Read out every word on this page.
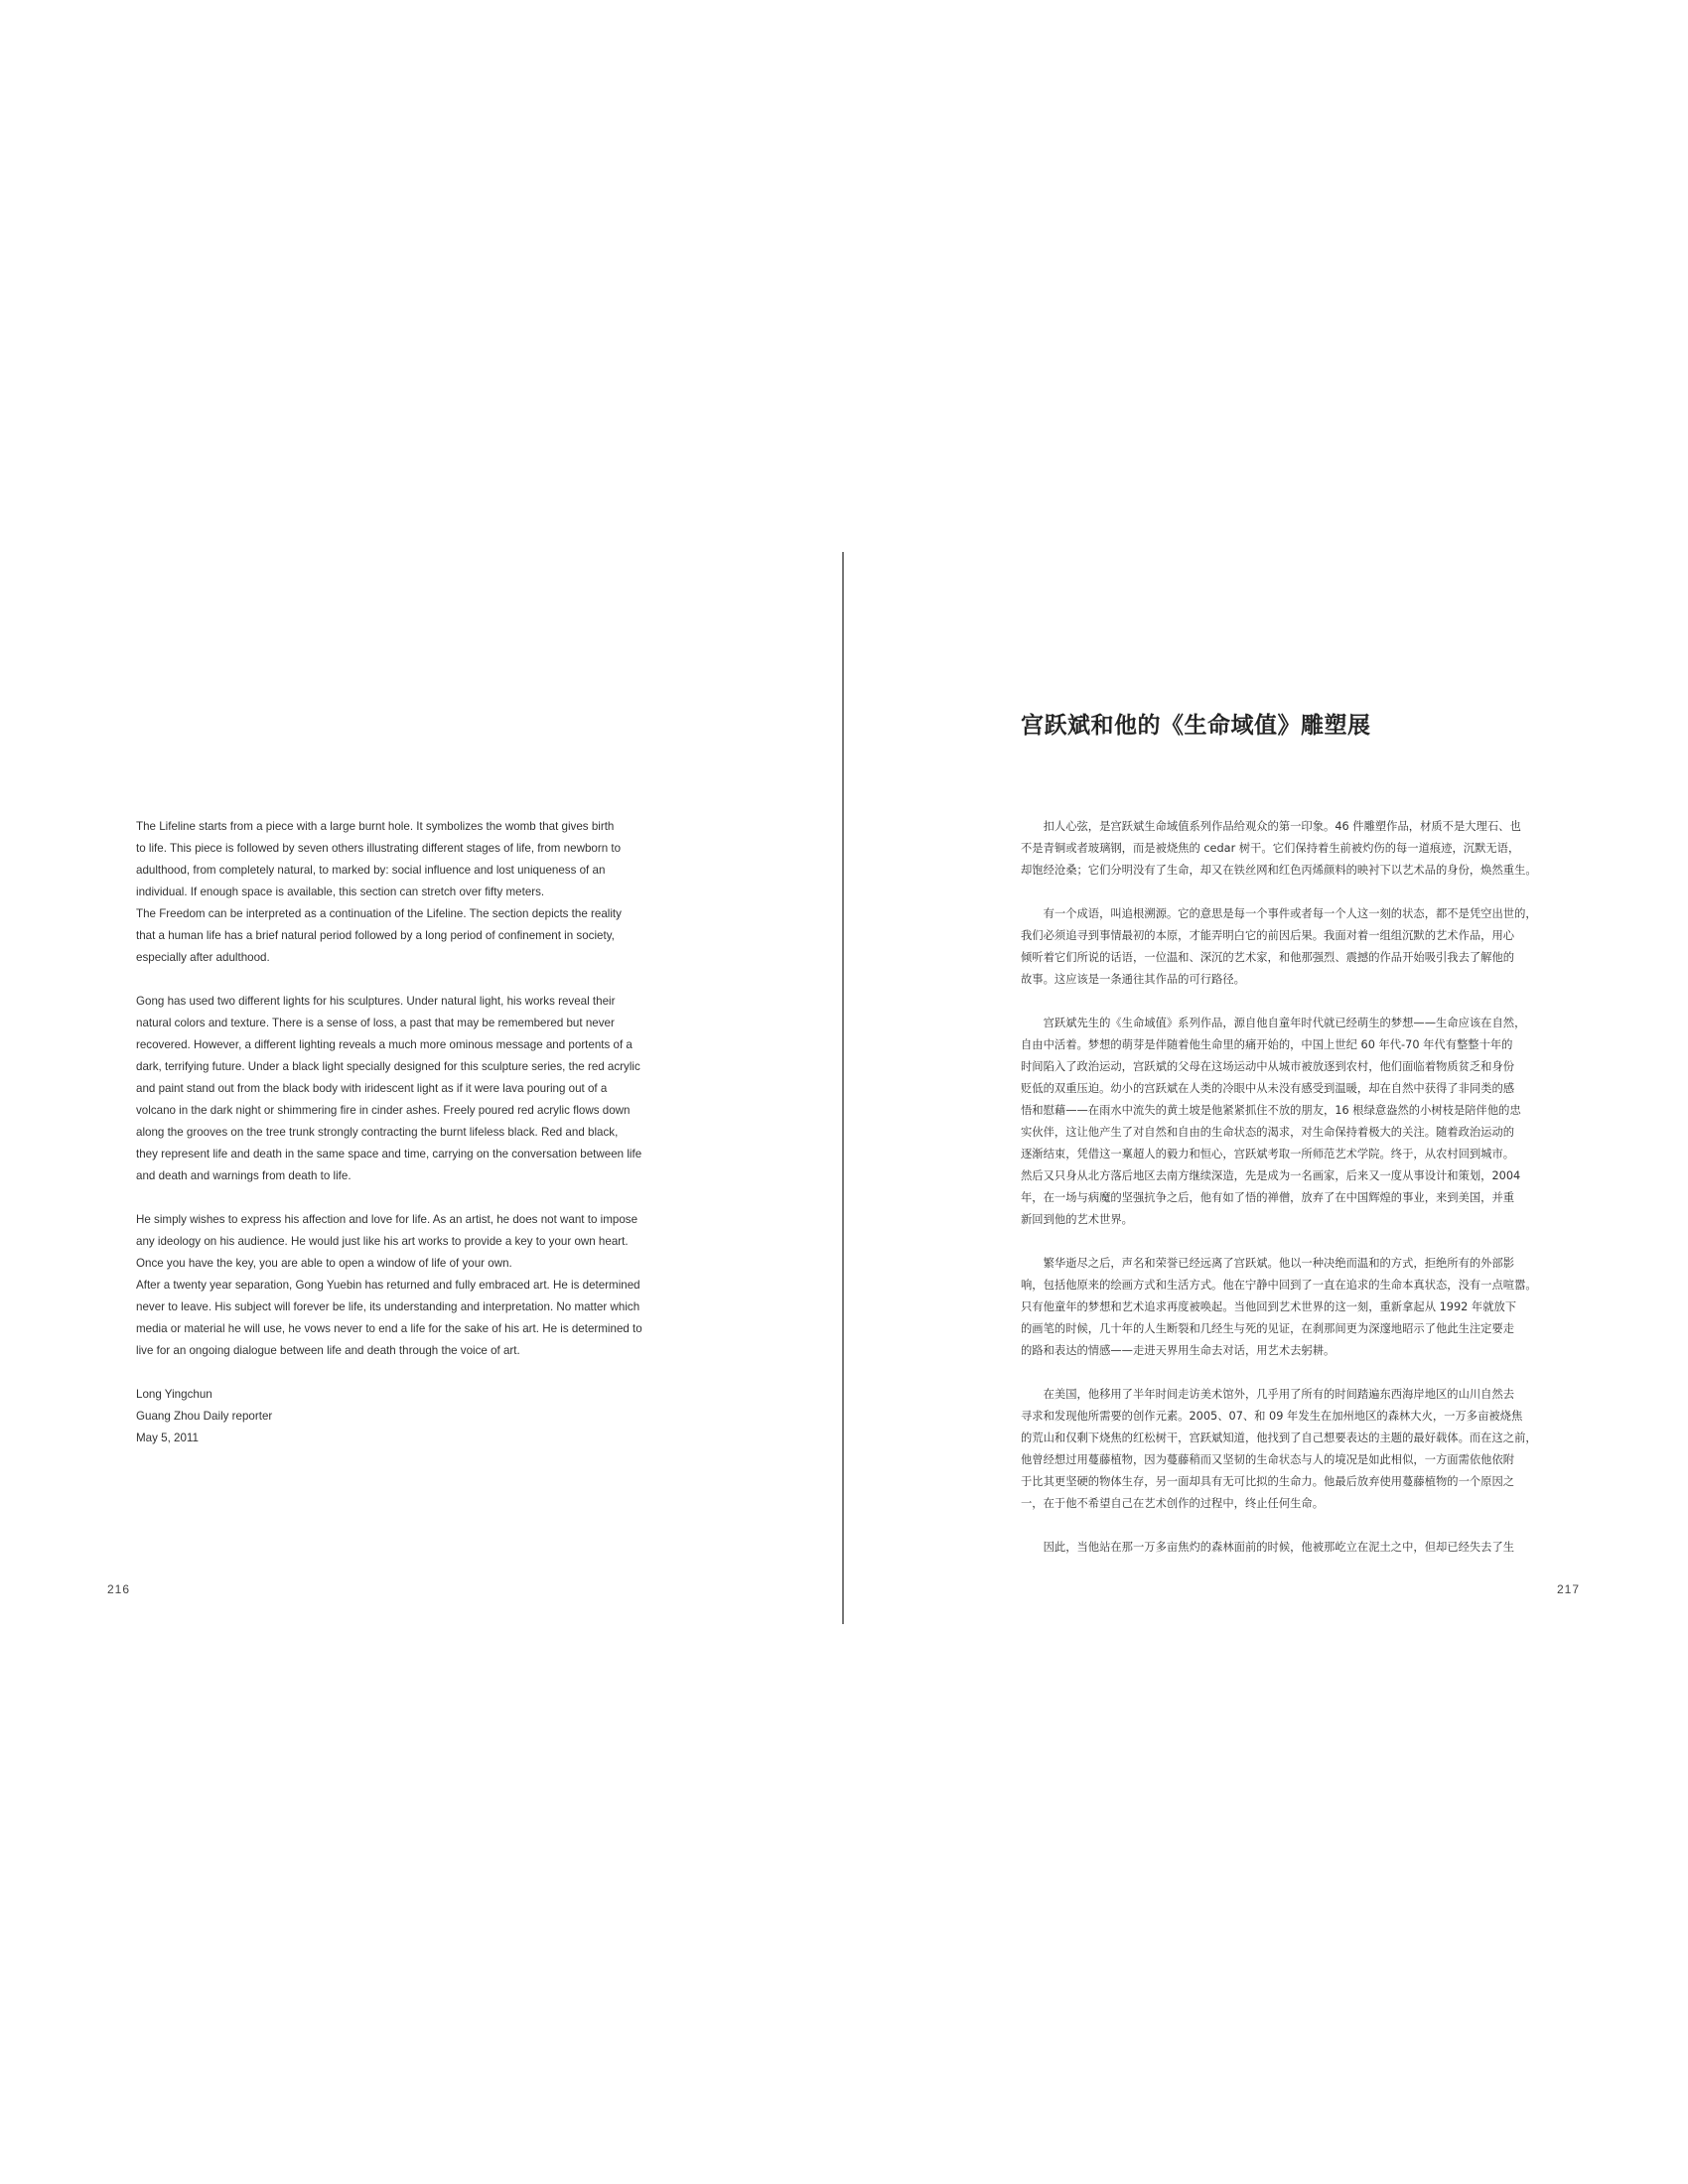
The Lifeline starts from a piece with a large burnt hole. It symbolizes the womb that gives birth

to life. This piece is followed by seven others illustrating different stages of life, from newborn to

adulthood, from completely natural, to marked by: social influence and lost uniqueness of an

individual. If enough space is available, this section can stretch over fifty meters.

The Freedom can be interpreted as a continuation of the Lifeline. The section depicts the reality

that a human life has a brief natural period followed by a long period of confinement in society,

especially after adulthood.

Gong has used two different lights for his sculptures. Under natural light, his works reveal their

natural colors and texture. There is a sense of loss, a past that may be remembered but never

recovered. However, a different lighting reveals a much more ominous message and portents of a

dark, terrifying future. Under a black light specially designed for this sculpture series, the red acrylic

and paint stand out from the black body with iridescent light as if it were lava pouring out of a

volcano in the dark night or shimmering fire in cinder ashes. Freely poured red acrylic flows down

along the grooves on the tree trunk strongly contracting the burnt lifeless black. Red and black,

they represent life and death in the same space and time, carrying on the conversation between life

and death and warnings from death to life.

He simply wishes to express his affection and love for life. As an artist, he does not want to impose

any ideology on his audience. He would just like his art works to provide a key to your own heart.

Once you have the key, you are able to open a window of life of your own.

After a twenty year separation, Gong Yuebin has returned and fully embraced art. He is determined

never to leave. His subject will forever be life, its understanding and interpretation. No matter which

media or material he will use, he vows never to end a life for the sake of his art. He is determined to

live for an ongoing dialogue between life and death through the voice of art.

Long Yingchun

Guang Zhou Daily reporter

May 5, 2011

216
宫跃斌和他的《生命域值》雕塑展

　　扣人心弦，是宫跃斌生命域值系列作品给观众的第一印象。46 件雕塑作品，材质不是大理石、也

不是青铜或者玻璃钢，而是被烧焦的 cedar 树干。它们保持着生前被灼伤的每一道痕迹，沉默无语，

却饱经沧桑；它们分明没有了生命，却又在铁丝网和红色丙烯颜料的映衬下以艺术品的身份，焕然重生。

　　有一个成语，叫追根溯源。它的意思是每一个事件或者每一个人这一刻的状态，都不是凭空出世的，

我们必须追寻到事情最初的本原，才能弄明白它的前因后果。我面对着一组组沉默的艺术作品，用心

倾听着它们所说的话语，一位温和、深沉的艺术家，和他那强烈、震撼的作品开始吸引我去了解他的

故事。这应该是一条通往其作品的可行路径。

　　宫跃斌先生的《生命域值》系列作品，源自他自童年时代就已经萌生的梦想——生命应该在自然，

自由中活着。梦想的萌芽是伴随着他生命里的痛开始的，中国上世纪 60 年代-70 年代有整整十年的

时间陷入了政治运动，宫跃斌的父母在这场运动中从城市被放逐到农村，他们面临着物质贫乏和身份

贬低的双重压迫。幼小的宫跃斌在人类的冷眼中从未没有感受到温暖，却在自然中获得了非同类的感

悟和慰藉——在雨水中流失的黄土坡是他紧紧抓住不放的朋友，16 根绿意盎然的小树枝是陪伴他的忠

实伙伴，这让他产生了对自然和自由的生命状态的渴求，对生命保持着极大的关注。随着政治运动的

逐渐结束，凭借这一稟超人的毅力和恒心，宫跃斌考取一所师范艺术学院。终于，从农村回到城市。

然后又只身从北方落后地区去南方继续深造，先是成为一名画家，后来又一度从事设计和策划，2004

年，在一场与病魔的坚强抗争之后，他有如了悟的禅僧，放弃了在中国辉煌的事业，来到美国，并重

新回到他的艺术世界。

　　繁华逝尽之后，声名和荣誉已经远离了宫跃斌。他以一种决绝而温和的方式，拒绝所有的外部影

响，包括他原来的绘画方式和生活方式。他在宁静中回到了一直在追求的生命本真状态，没有一点喧嚣。

只有他童年的梦想和艺术追求再度被唤起。当他回到艺术世界的这一刻，重新拿起从 1992 年就放下

的画笔的时候，几十年的人生断裂和几经生与死的见证，在刹那间更为深邃地昭示了他此生注定要走

的路和表达的情感——走进天界用生命去对话，用艺术去躬耕。

　　在美国，他移用了半年时间走访美术馆外，几乎用了所有的时间踏遍东西海岸地区的山川自然去

寻求和发现他所需要的创作元素。2005、07、和 09 年发生在加州地区的森林大火，一万多亩被烧焦

的荒山和仅剩下烧焦的红松树干，宫跃斌知道，他找到了自己想要表达的主题的最好载体。而在这之前，

他曾经想过用蔓藤植物，因为蔓藤稍而又坚韧的生命状态与人的境况是如此相似，一方面需依他依附

于比其更坚硬的物体生存，另一面却具有无可比拟的生命力。他最后放弃使用蔓藤植物的一个原因之

一，在于他不希望自己在艺术创作的过程中，终止任何生命。

　　因此，当他站在那一万多亩焦灼的森林面前的时候，他被那屹立在泥土之中，但却已经失去了生

217
